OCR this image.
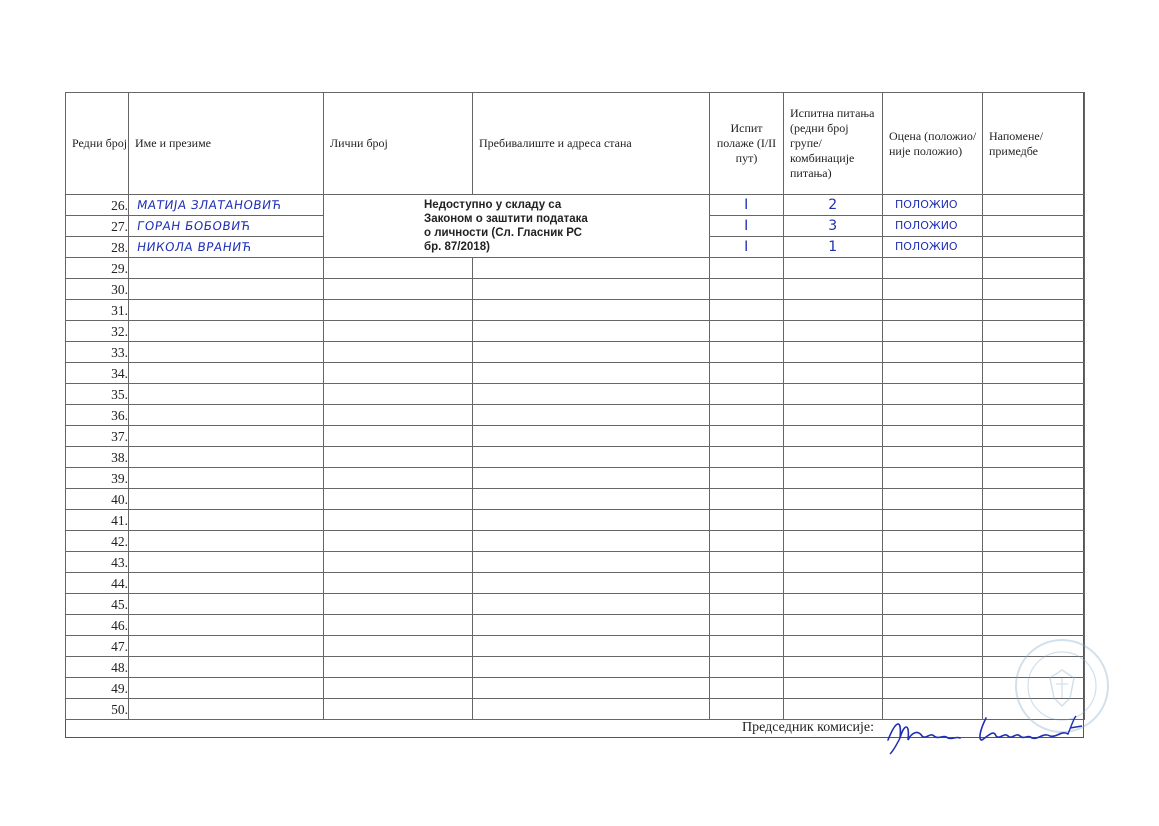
Редни број	Име и презиме	Лични број	Пребивалиште и адреса стана	Испит полаже (I/II пут)	Испитна питања (редни број групе/ комбинације питања)	Оцена (положио/ није положио)	Напомене/ примедбе
26.	МАТИЈА ЗЛАТАНОВИЋ	Недоступно у складу са Законом о заштити података о личности (Сл. Гласник РС бр. 87/2018)		I	2	ПОЛОЖИО	

27.	ГОРАН БОБОВИЋ			I	3	ПОЛОЖИО	

28.	НИКОЛА ВРАНИЋ			I	1	ПОЛОЖИО	

29.							
30.							
31.							
32.							
33.							
34.							
35.							
36.							
37.							
38.							
39.							
40.							
41.							
42.							
43.							
44.							
45.							
46.							
47.							
48.							
49.							
50.							
Председник комисије:
